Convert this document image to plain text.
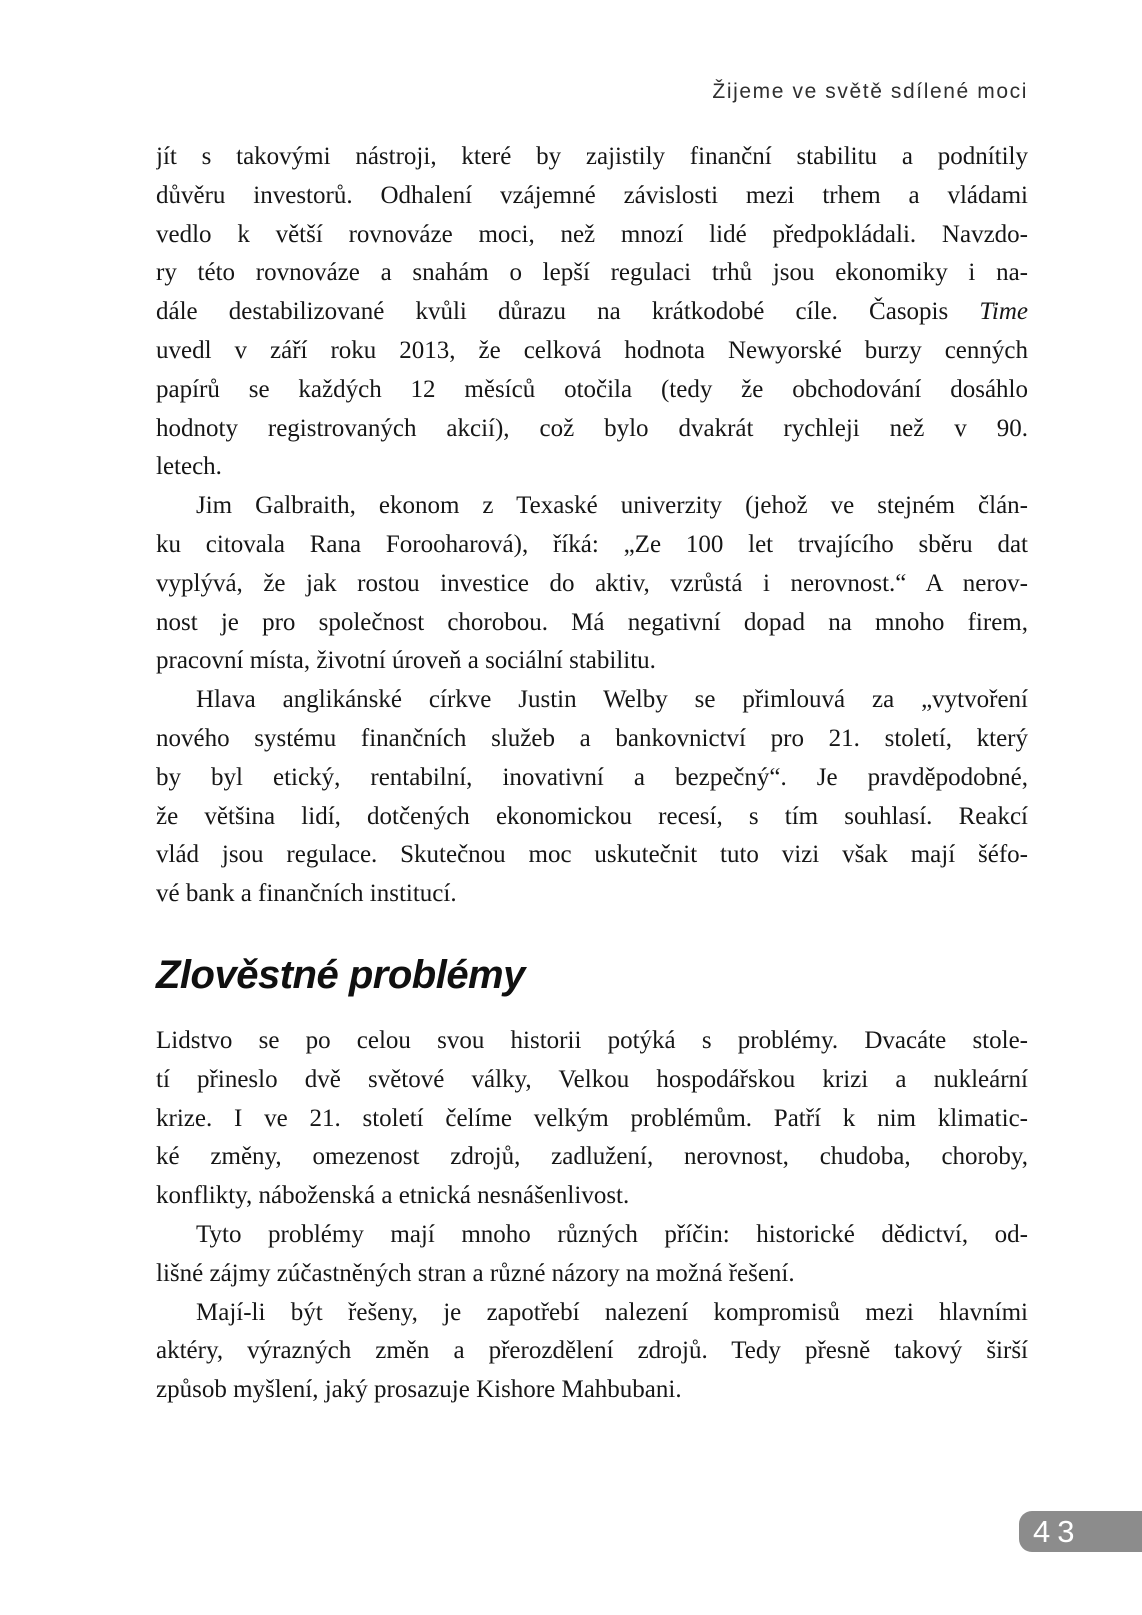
Žijeme ve světě sdílené moci
jít s takovými nástroji, které by zajistily finanční stabilitu a podnítily
důvěru investorů. Odhalení vzájemné závislosti mezi trhem a vládami
vedlo k větší rovnováze moci, než mnozí lidé předpokládali. Navzdo-
ry této rovnováze a snahám o lepší regulaci trhů jsou ekonomiky i na-
dále destabilizované kvůli důrazu na krátkodobé cíle. Časopis Time
uvedl v září roku 2013, že celková hodnota Newyorské burzy cenných
papírů se každých 12 měsíců otočila (tedy že obchodování dosáhlo
hodnoty registrovaných akcií), což bylo dvakrát rychleji než v 90.
letech.
Jim Galbraith, ekonom z Texaské univerzity (jehož ve stejném člán-
ku citovala Rana Forooharová), říká: „Ze 100 let trvajícího sběru dat
vyplývá, že jak rostou investice do aktiv, vzrůstá i nerovnost.“ A nerov-
nost je pro společnost chorobou. Má negativní dopad na mnoho firem,
pracovní místa, životní úroveň a sociální stabilitu.
Hlava anglikánské církve Justin Welby se přimlouvá za „vytvoření
nového systému finančních služeb a bankovnictví pro 21. století, který
by byl etický, rentabilní, inovativní a bezpečný“. Je pravděpodobné,
že většina lidí, dotčených ekonomickou recesí, s tím souhlasí. Reakcí
vlád jsou regulace. Skutečnou moc uskutečnit tuto vizi však mají šéfo-
vé bank a finančních institucí.
Zlověstné problémy
Lidstvo se po celou svou historii potýká s problémy. Dvacáte stole-
tí přineslo dvě světové války, Velkou hospodářskou krizi a nukleární
krize. I ve 21. století čelíme velkým problémům. Patří k nim klimatic-
ké změny, omezenost zdrojů, zadlužení, nerovnost, chudoba, choroby,
konflikty, náboženská a etnická nesnášenlivost.
Tyto problémy mají mnoho různých příčin: historické dědictví, od-
lišné zájmy zúčastněných stran a různé názory na možná řešení.
Mají-li být řešeny, je zapotřebí nalezení kompromisů mezi hlavními
aktéry, výrazných změn a přerozdělení zdrojů. Tedy přesně takový širší
způsob myšlení, jaký prosazuje Kishore Mahbubani.
43
